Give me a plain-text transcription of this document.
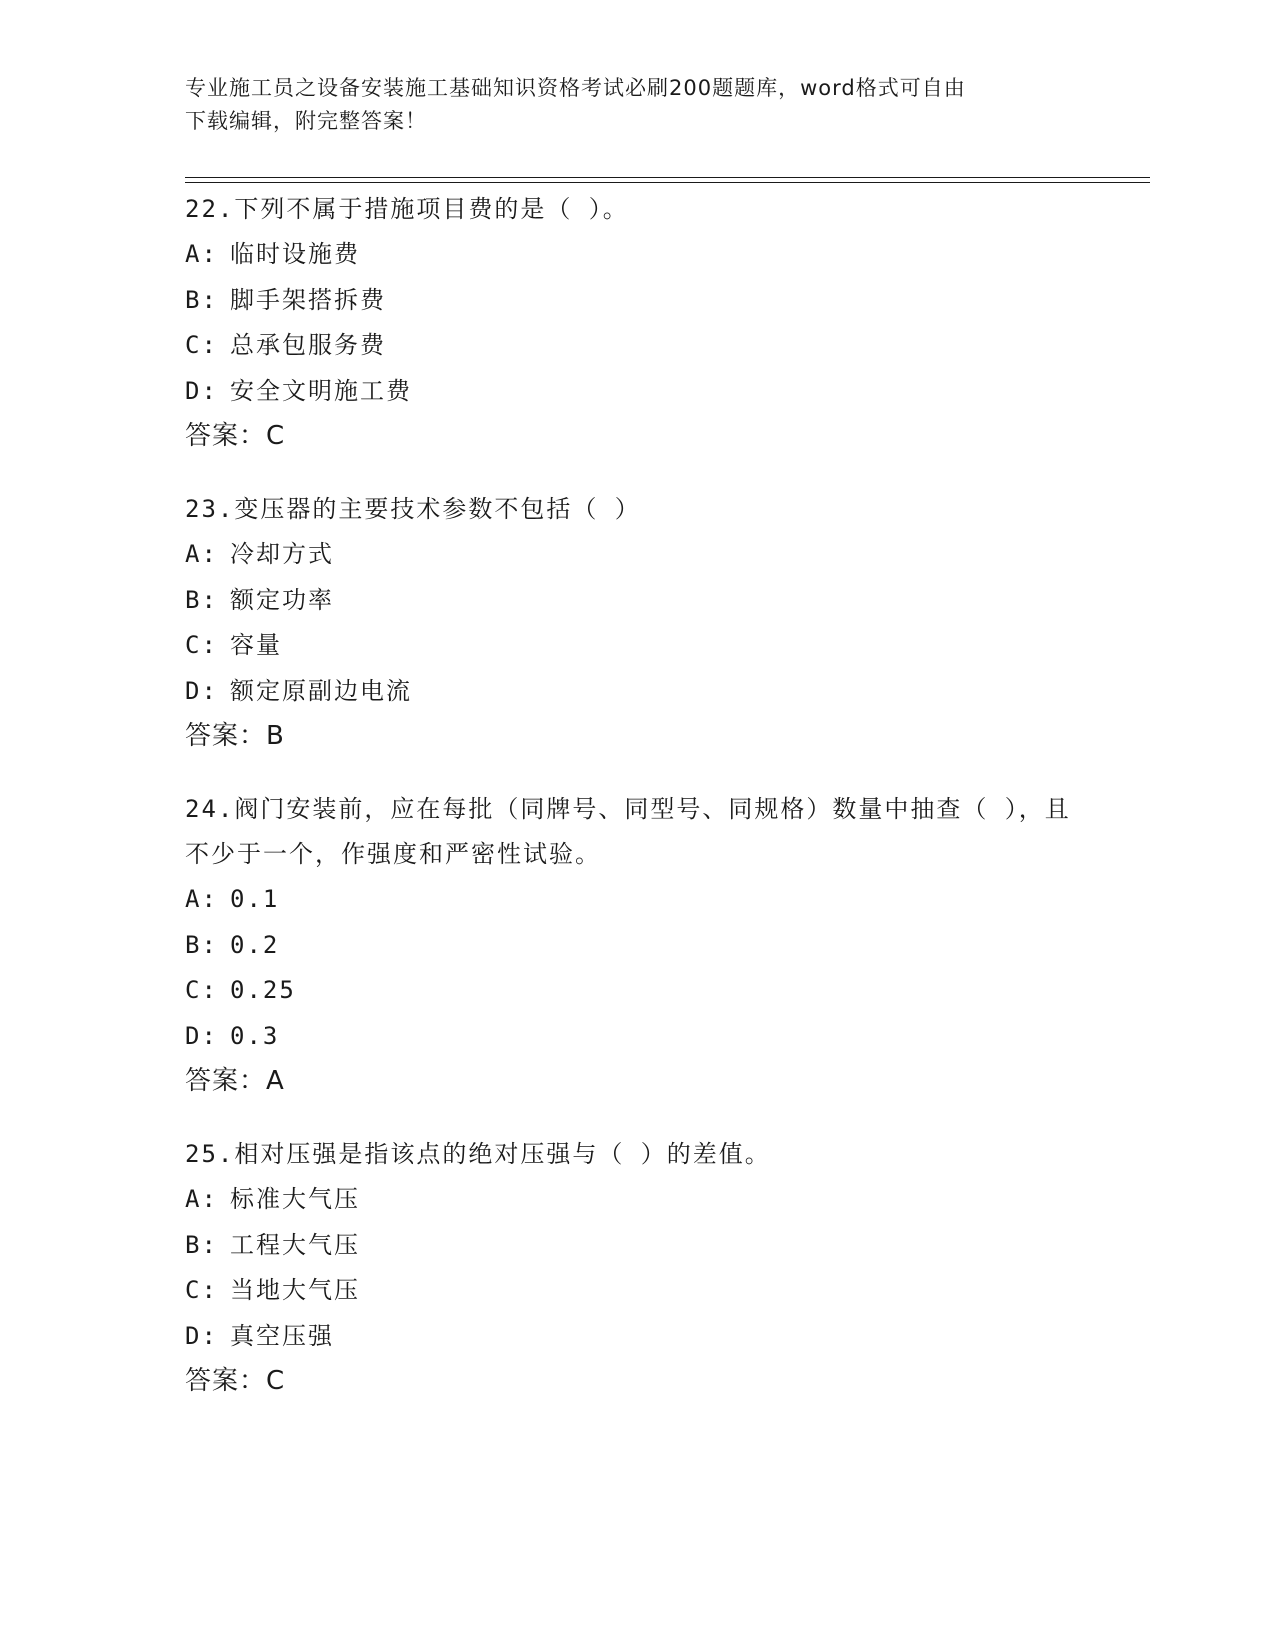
专业施工员之设备安装施工基础知识资格考试必刷200题题库，word格式可自由
下载编辑，附完整答案！

22.下列不属于措施项目费的是（ ）。

A: 临时设施费
B: 脚手架搭拆费
C: 总承包服务费
D: 安全文明施工费

答案：C

23.变压器的主要技术参数不包括（ ）

A: 冷却方式
B: 额定功率
C: 容量
D: 额定原副边电流

答案：B

24.阀门安装前，应在每批（同牌号、同型号、同规格）数量中抽查（ ），且不少于一个，作强度和严密性试验。

A: 0.1
B: 0.2
C: 0.25
D: 0.3

答案：A

25.相对压强是指该点的绝对压强与（ ）的差值。

A: 标准大气压
B: 工程大气压
C: 当地大气压
D: 真空压强

答案：C
